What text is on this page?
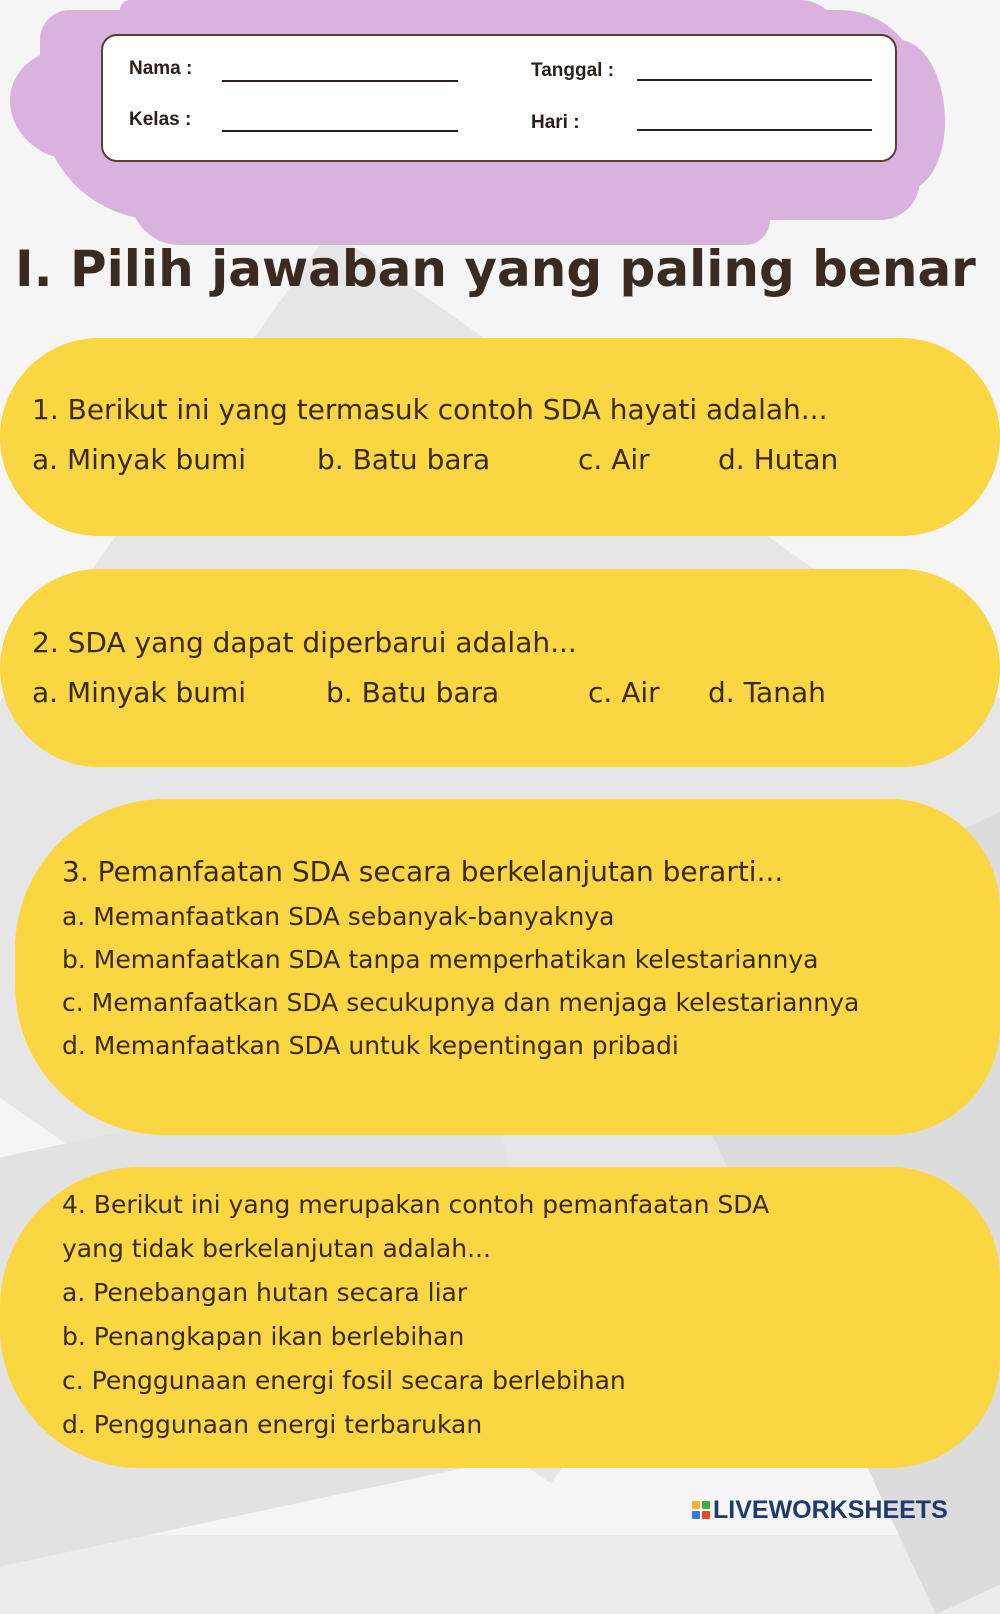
Nama :
Kelas :
Tanggal :
Hari :
I. Pilih jawaban yang paling benar
1. Berikut ini yang termasuk contoh SDA hayati adalah...
a. Minyak bumi	b. Batu bara	c. Air d. Hutan
2. SDA yang dapat diperbarui adalah...
a. Minyak bumi	b. Batu bara	c. Air d. Tanah
3. Pemanfaatan SDA secara berkelanjutan berarti...
a. Memanfaatkan SDA sebanyak-banyaknya
b. Memanfaatkan SDA tanpa memperhatikan kelestariannya
c. Memanfaatkan SDA secukupnya dan menjaga kelestariannya
d. Memanfaatkan SDA untuk kepentingan pribadi
4. Berikut ini yang merupakan contoh pemanfaatan SDA
yang tidak berkelanjutan adalah...
a. Penebangan hutan secara liar
b. Penangkapan ikan berlebihan
c. Penggunaan energi fosil secara berlebihan
d. Penggunaan energi terbarukan
LIVEWORKSHEETS
